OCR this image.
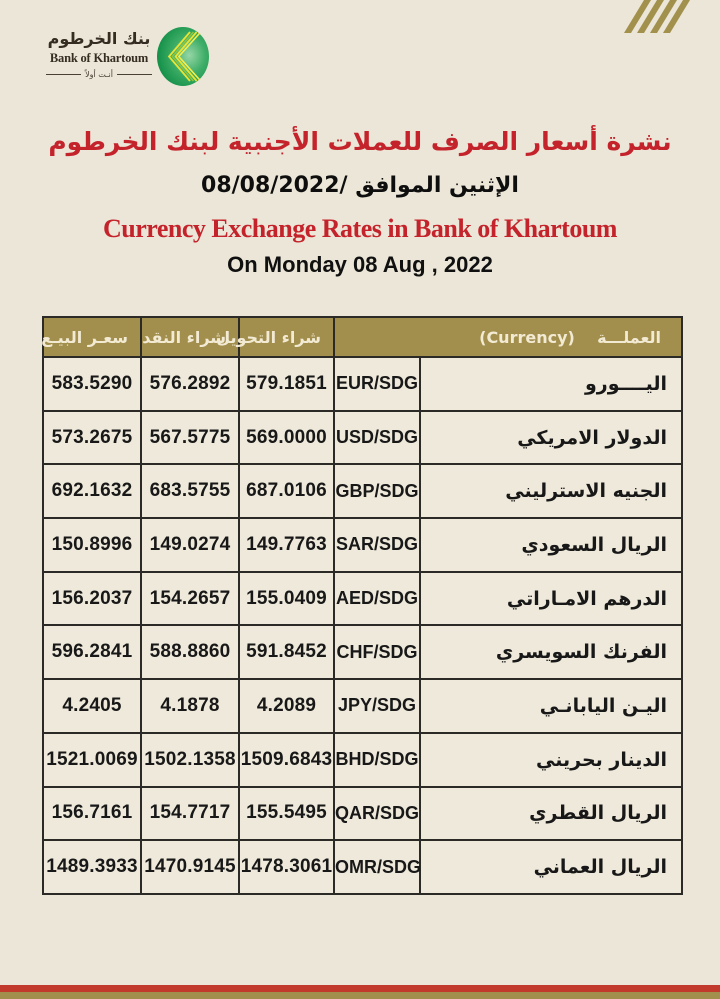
بنك الخرطوم
Bank of Khartoum
أنـت أولاً
نشرة أسعار الصرف للعملات الأجنبية لبنك الخرطوم
الإثنين الموافق /08/08/2022
Currency Exchange Rates in Bank of Khartoum
On Monday 08 Aug , 2022
سعـر البيـع	شراء النقد	شراء التحويل	العملـــة    (Currency)	
583.5290	576.2892	579.1851	EUR/SDG	اليــــورو
573.2675	567.5775	569.0000	USD/SDG	الدولار الامريكي
692.1632	683.5755	687.0106	GBP/SDG	الجنيه الاسترليني
150.8996	149.0274	149.7763	SAR/SDG	الريال السعودي
156.2037	154.2657	155.0409	AED/SDG	الدرهم الامـاراتي
596.2841	588.8860	591.8452	CHF/SDG	الفرنك السويسري
4.2405	4.1878	4.2089	JPY/SDG	اليـن اليابانـي
1521.0069	1502.1358	1509.6843	BHD/SDG	الدينار بحريني
156.7161	154.7717	155.5495	QAR/SDG	الريال القطري
1489.3933	1470.9145	1478.3061	OMR/SDG	الريال العماني
